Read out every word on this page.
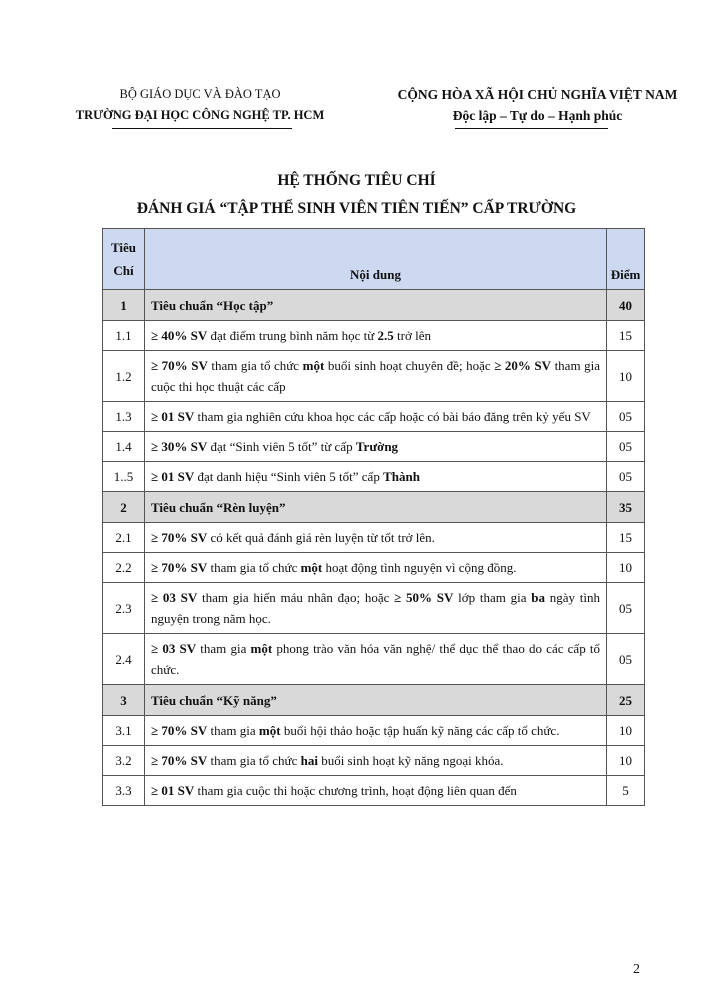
BỘ GIÁO DỤC VÀ ĐÀO TẠO
TRƯỜNG ĐẠI HỌC CÔNG NGHỆ TP. HCM
CỘNG HÒA XÃ HỘI CHỦ NGHĨA VIỆT NAM
Độc lập – Tự do – Hạnh phúc
HỆ THỐNG TIÊU CHÍ
ĐÁNH GIÁ “TẬP THỂ SINH VIÊN TIÊN TIẾN” CẤP TRƯỜNG
Tiêu
Chí	Nội dung	Điểm
1	Tiêu chuẩn “Học tập”	40
1.1	≥ 40% SV đạt điểm trung bình năm học từ 2.5 trở lên	15
1.2	≥ 70% SV tham gia tổ chức một buổi sinh hoạt chuyên đề; hoặc ≥ 20% SV tham gia cuộc thi học thuật các cấp	10
1.3	≥ 01 SV tham gia nghiên cứu khoa học các cấp hoặc có bài báo đăng trên kỷ yếu SV	05
1.4	≥ 30% SV đạt “Sinh viên 5 tốt” từ cấp Trường	05
1..5	≥ 01 SV đạt danh hiệu “Sinh viên 5 tốt” cấp Thành	05
2	Tiêu chuẩn “Rèn luyện”	35
2.1	≥ 70% SV có kết quả đánh giá rèn luyện từ tốt trở lên.	15
2.2	≥ 70% SV tham gia tổ chức một hoạt động tình nguyện vì cộng đồng.	10
2.3	≥ 03 SV tham gia hiến máu nhân đạo; hoặc ≥ 50% SV lớp tham gia ba ngày tình nguyện trong năm học.	05
2.4	≥ 03 SV tham gia một phong trào văn hóa văn nghệ/ thể dục thể thao do các cấp tổ chức.	05
3	Tiêu chuẩn “Kỹ năng”	25
3.1	≥ 70% SV tham gia một buổi hội thảo hoặc tập huấn kỹ năng các cấp tổ chức.	10
3.2	≥ 70% SV tham gia tổ chức hai buổi sinh hoạt kỹ năng ngoại khóa.	10
3.3	≥ 01 SV tham gia cuộc thi hoặc chương trình, hoạt động liên quan đến	5
2
